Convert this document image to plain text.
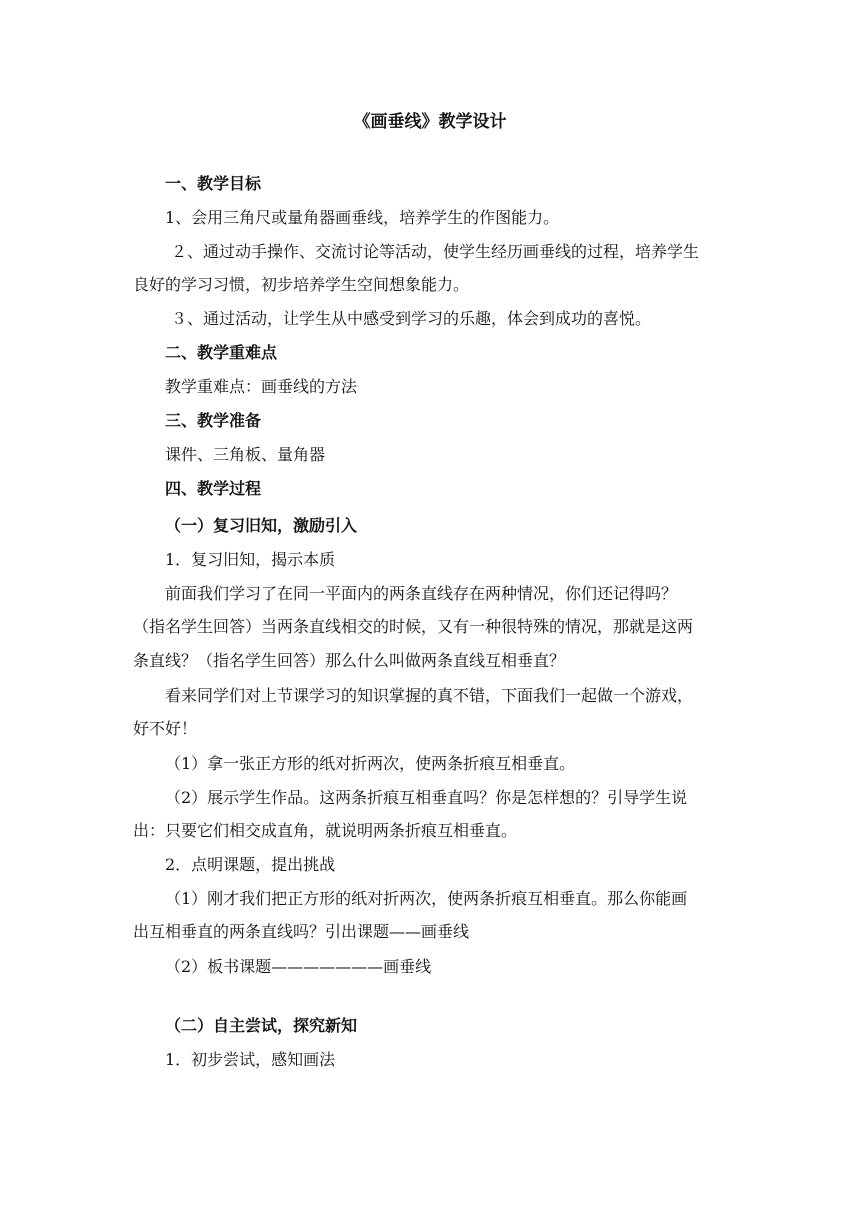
《画垂线》教学设计
一、教学目标
1、会用三角尺或量角器画垂线，培养学生的作图能力。
２、通过动手操作、交流讨论等活动，使学生经历画垂线的过程，培养学生
良好的学习习惯，初步培养学生空间想象能力。
３、通过活动，让学生从中感受到学习的乐趣，体会到成功的喜悦。
二、教学重难点
教学重难点：画垂线的方法
三、教学准备
课件、三角板、量角器
四、教学过程
（一）复习旧知，激励引入
1．复习旧知，揭示本质
前面我们学习了在同一平面内的两条直线存在两种情况，你们还记得吗？
（指名学生回答）当两条直线相交的时候，又有一种很特殊的情况，那就是这两
条直线？（指名学生回答）那么什么叫做两条直线互相垂直？
看来同学们对上节课学习的知识掌握的真不错，下面我们一起做一个游戏，
好不好！
（1）拿一张正方形的纸对折两次，使两条折痕互相垂直。
（2）展示学生作品。这两条折痕互相垂直吗？你是怎样想的？引导学生说
出：只要它们相交成直角，就说明两条折痕互相垂直。
2．点明课题，提出挑战
（1）刚才我们把正方形的纸对折两次，使两条折痕互相垂直。那么你能画
出互相垂直的两条直线吗？引出课题——画垂线
（2）板书课题———————画垂线
（二）自主尝试，探究新知
1．初步尝试，感知画法
